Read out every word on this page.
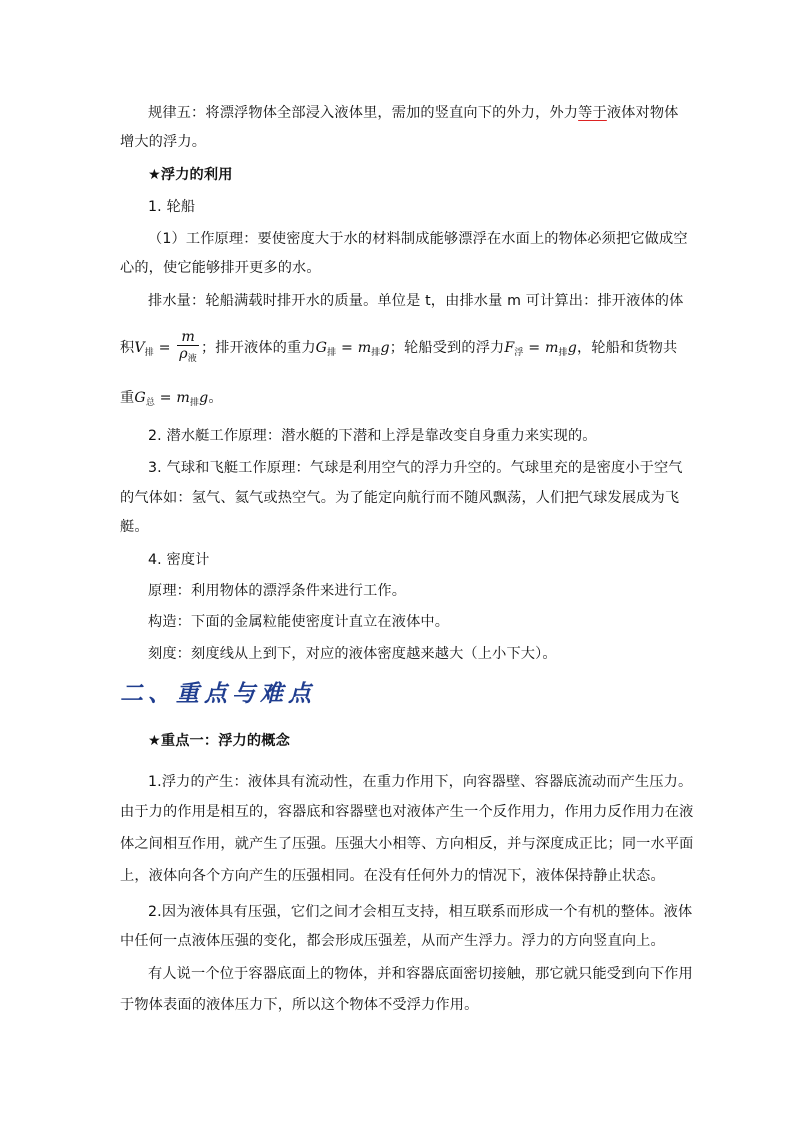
规律五：将漂浮物体全部浸入液体里，需加的竖直向下的外力，外力等于液体对物体
增大的浮力。
★浮力的利用
1. 轮船
（1）工作原理：要使密度大于水的材料制成能够漂浮在水面上的物体必须把它做成空
心的，使它能够排开更多的水。
排水量：轮船满载时排开水的质量。单位是 t，由排水量 m 可计算出：排开液体的体
积$V_排 = \frac{m}{\rho_液}$ ；排开液体的重力$G_排 = m_排g$；轮船受到的浮力$F_浮 = m_排g$，轮船和货物共
重$G_总 = m_排g$。
2. 潜水艇工作原理：潜水艇的下潜和上浮是靠改变自身重力来实现的。
3. 气球和飞艇工作原理：气球是利用空气的浮力升空的。气球里充的是密度小于空气
的气体如：氢气、氦气或热空气。为了能定向航行而不随风飘荡，人们把气球发展成为飞
艇。
4. 密度计
原理：利用物体的漂浮条件来进行工作。
构造：下面的金属粒能使密度计直立在液体中。
刻度：刻度线从上到下，对应的液体密度越来越大（上小下大）。
二、重点与难点
★重点一：浮力的概念
1.浮力的产生：液体具有流动性，在重力作用下，向容器壁、容器底流动而产生压力。
由于力的作用是相互的，容器底和容器壁也对液体产生一个反作用力，作用力反作用力在液
体之间相互作用，就产生了压强。压强大小相等、方向相反，并与深度成正比；同一水平面
上，液体向各个方向产生的压强相同。在没有任何外力的情况下，液体保持静止状态。
2.因为液体具有压强，它们之间才会相互支持，相互联系而形成一个有机的整体。液体
中任何一点液体压强的变化，都会形成压强差，从而产生浮力。浮力的方向竖直向上。
有人说一个位于容器底面上的物体，并和容器底面密切接触，那它就只能受到向下作用
于物体表面的液体压力下，所以这个物体不受浮力作用。
